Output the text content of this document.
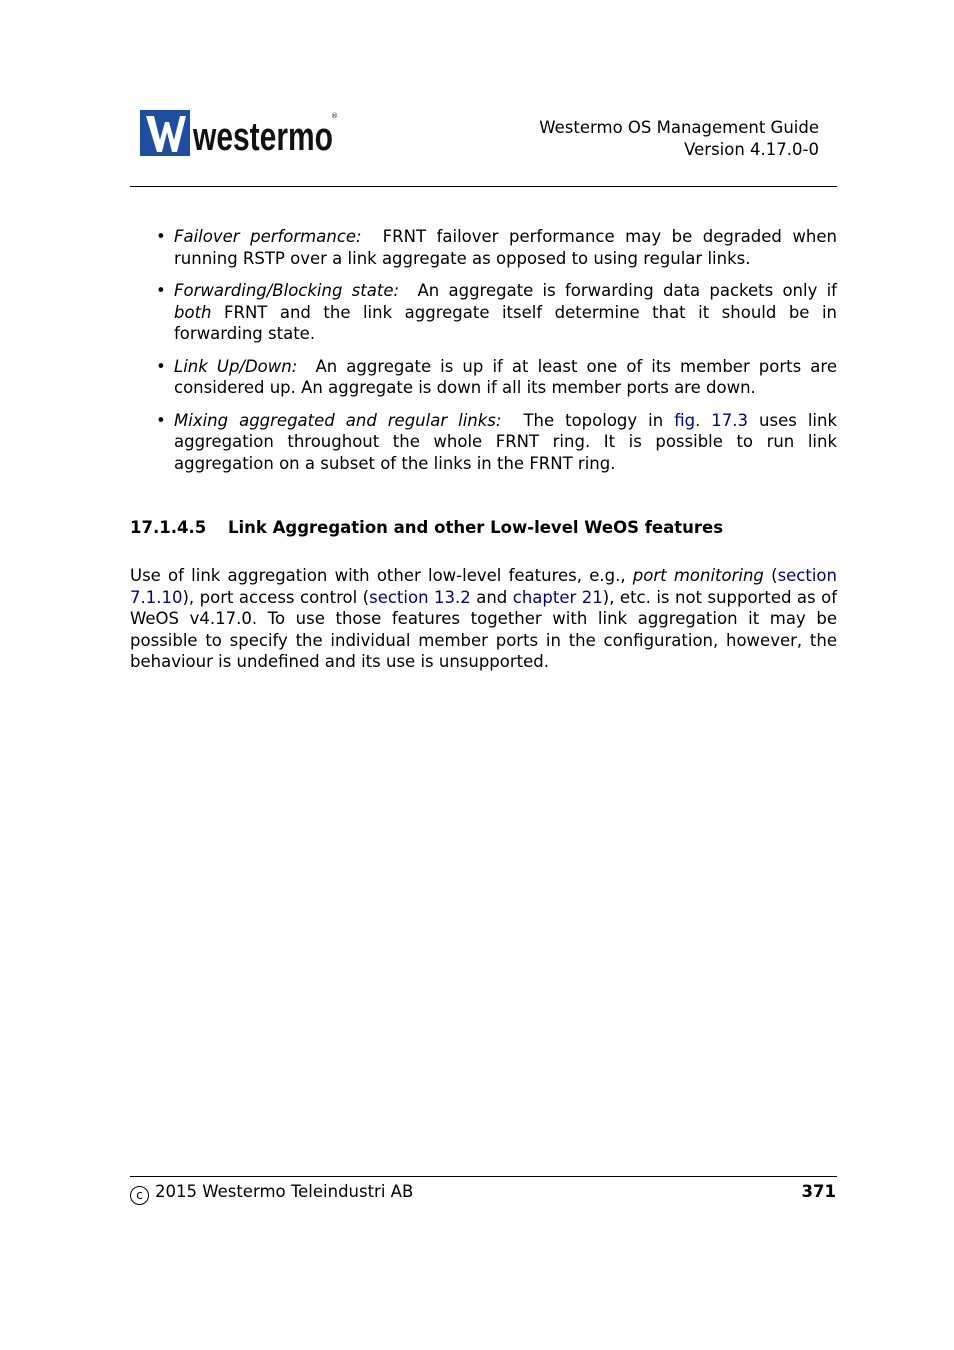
westermo
®
Westermo OS Management Guide
Version 4.17.0-0
• Failover performance: FRNT failover performance may be degraded when running RSTP over a link aggregate as opposed to using regular links.
• Forwarding/Blocking state: An aggregate is forwarding data packets only if both FRNT and the link aggregate itself determine that it should be in forwarding state.
• Link Up/Down: An aggregate is up if at least one of its member ports are considered up. An aggregate is down if all its member ports are down.
• Mixing aggregated and regular links: The topology in fig. 17.3 uses link aggregation throughout the whole FRNT ring. It is possible to run link aggregation on a subset of the links in the FRNT ring.
17.1.4.5 Link Aggregation and other Low-level WeOS features
Use of link aggregation with other low-level features, e.g., port monitoring (section 7.1.10), port access control (section 13.2 and chapter 21), etc. is not supported as of WeOS v4.17.0. To use those features together with link aggregation it may be possible to specify the individual member ports in the configuration, however, the behaviour is undefined and its use is unsupported.
c 2015 Westermo Teleindustri AB	371
